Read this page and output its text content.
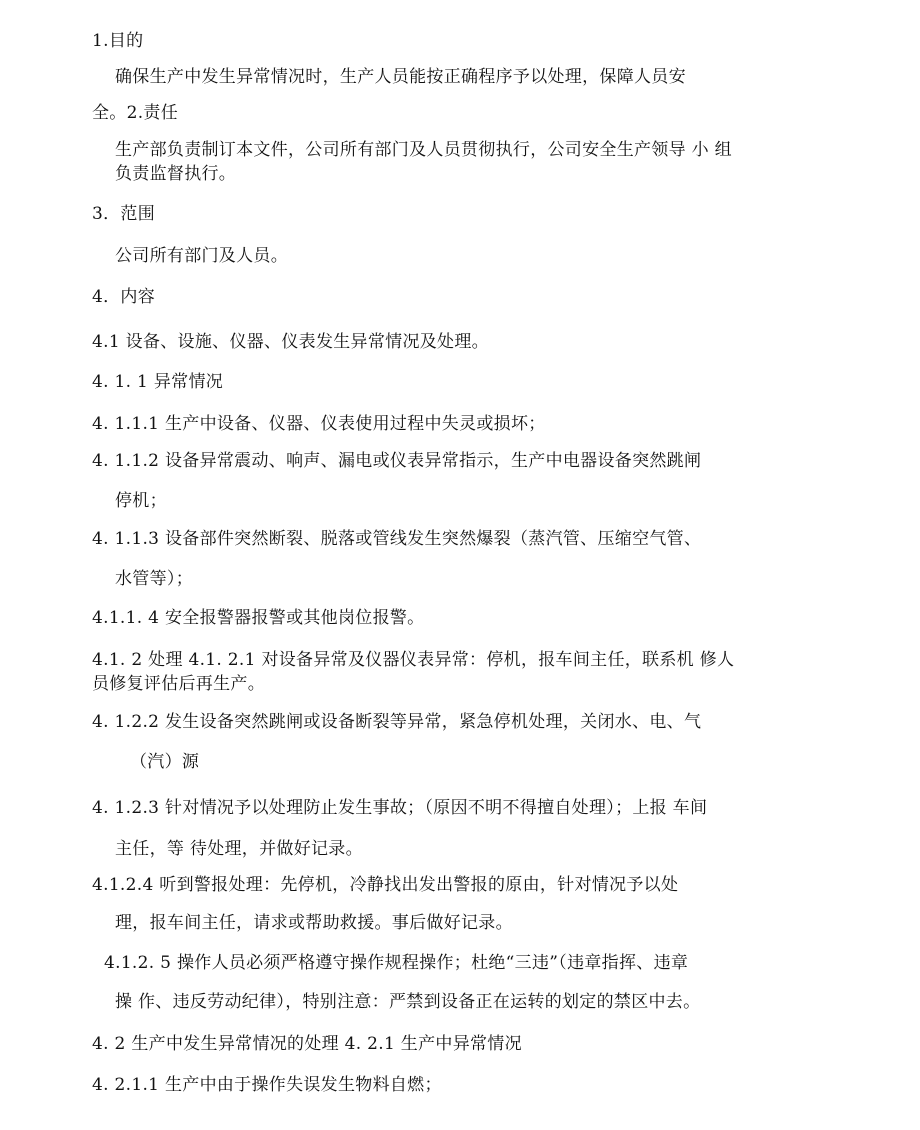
1.目的
确保生产中发生异常情况时，生产人员能按正确程序予以处理，保障人员安
全。2.责任
生产部负责制订本文件，公司所有部门及人员贯彻执行，公司安全生产领导 小 组
负责监督执行。
3．范围
公司所有部门及人员。
4．内容
4.1 设备、设施、仪器、仪表发生异常情况及处理。
4. 1. 1 异常情况
4. 1.1.1 生产中设备、仪器、仪表使用过程中失灵或损坏；
4. 1.1.2 设备异常震动、响声、漏电或仪表异常指示，生产中电器设备突然跳闸
停机；
4. 1.1.3 设备部件突然断裂、脱落或管线发生突然爆裂（蒸汽管、压缩空气管、
水管等）；
4.1.1. 4 安全报警器报警或其他岗位报警。
4.1. 2 处理 4.1. 2.1 对设备异常及仪器仪表异常：停机，报车间主任，联系机 修人
员修复评估后再生产。
4. 1.2.2 发生设备突然跳闸或设备断裂等异常，紧急停机处理，关闭水、电、气
（汽）源
4. 1.2.3 针对情况予以处理防止发生事故；（原因不明不得擅自处理）；上报 车间
主任，等 待处理，并做好记录。
4.1.2.4 听到警报处理：先停机，冷静找出发出警报的原由，针对情况予以处
理，报车间主任，请求或帮助救援。事后做好记录。
4.1.2. 5 操作人员必须严格遵守操作规程操作；杜绝“三违”（违章指挥、违章
操 作、违反劳动纪律），特别注意：严禁到设备正在运转的划定的禁区中去。
4. 2 生产中发生异常情况的处理 4. 2.1 生产中异常情况
4. 2.1.1 生产中由于操作失误发生物料自燃；
